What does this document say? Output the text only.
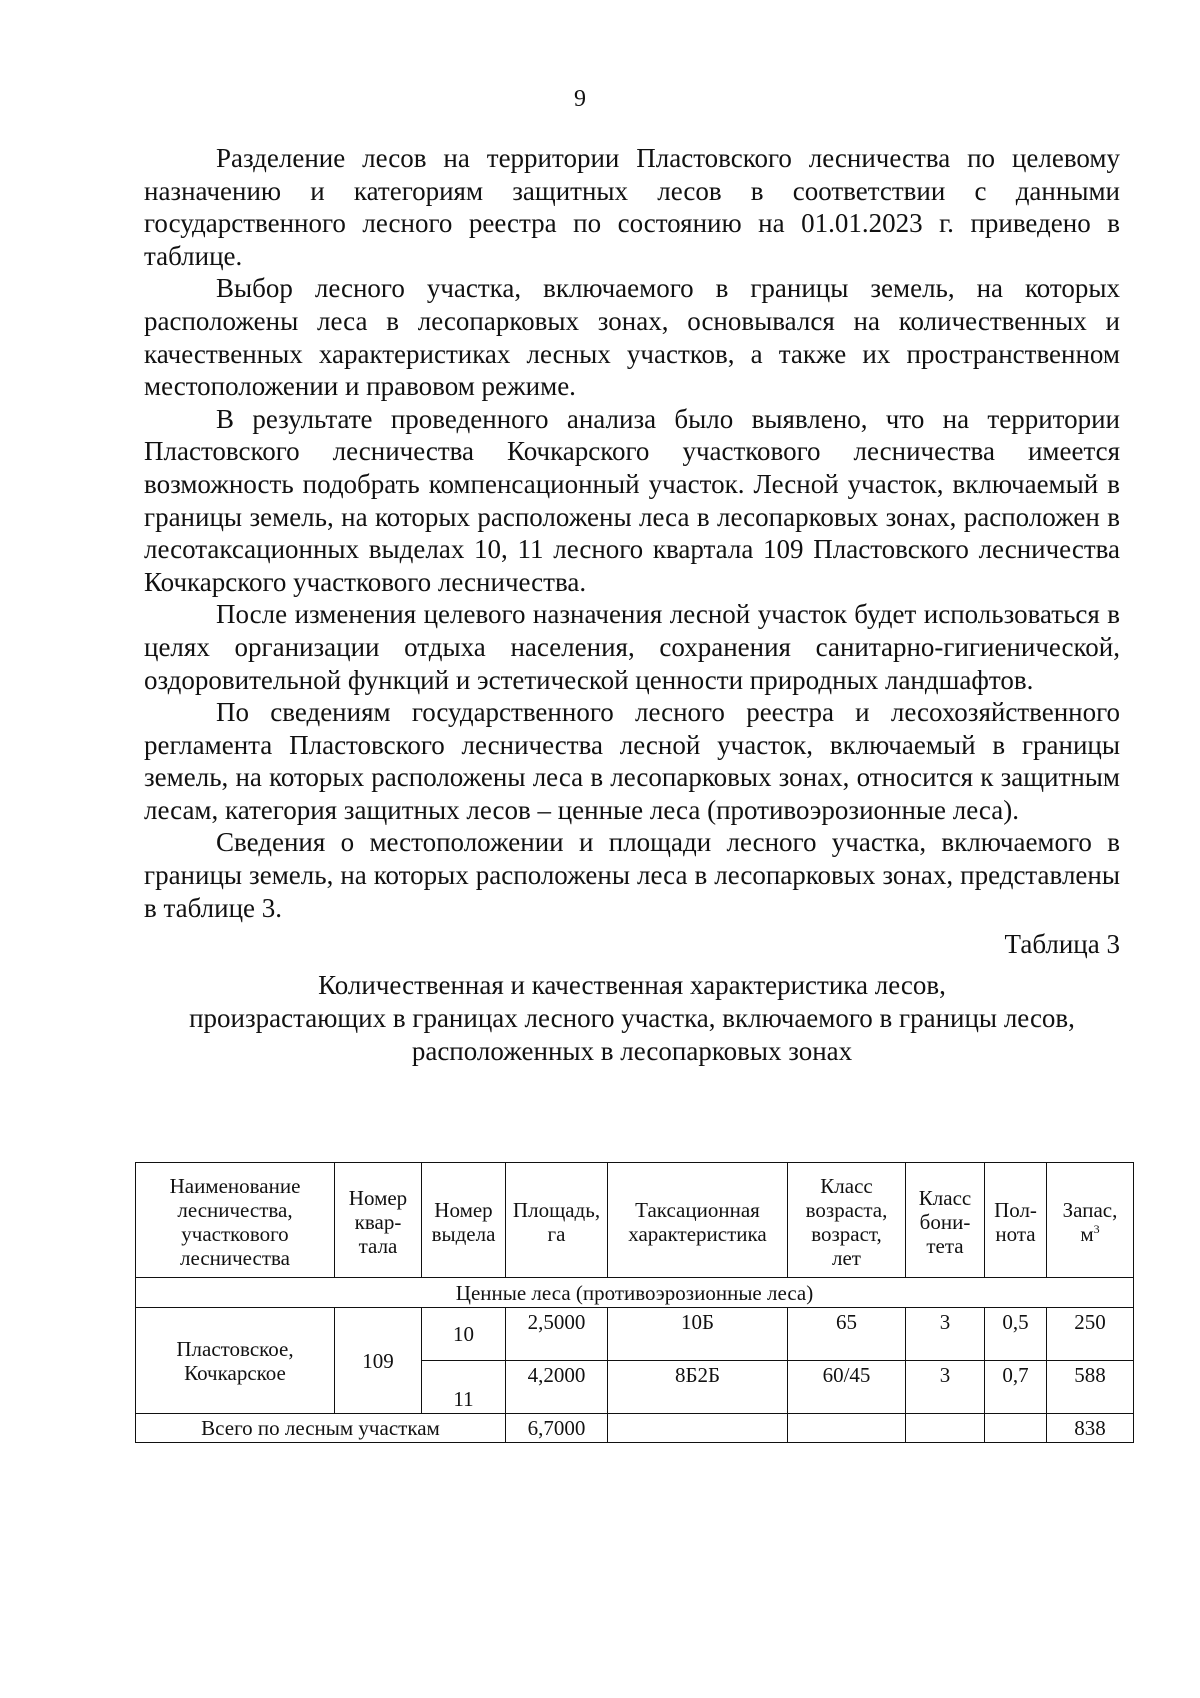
9

Разделение лесов на территории Пластовского лесничества по целевому назначению и категориям защитных лесов в соответствии с данными государственного лесного реестра по состоянию на 01.01.2023 г. приведено в таблице.

Выбор лесного участка, включаемого в границы земель, на которых расположены леса в лесопарковых зонах, основывался на количественных и качественных характеристиках лесных участков, а также их пространственном местоположении и правовом режиме.

В результате проведенного анализа было выявлено, что на территории Пластовского лесничества Кочкарского участкового лесничества имеется возможность подобрать компенсационный участок. Лесной участок, включаемый в границы земель, на которых расположены леса в лесопарковых зонах, расположен в лесотаксационных выделах 10, 11 лесного квартала 109 Пластовского лесничества Кочкарского участкового лесничества.

После изменения целевого назначения лесной участок будет использоваться в целях организации отдыха населения, сохранения санитарно-гигиенической, оздоровительной функций и эстетической ценности природных ландшафтов.

По сведениям государственного лесного реестра и лесохозяйственного регламента Пластовского лесничества лесной участок, включаемый в границы земель, на которых расположены леса в лесопарковых зонах, относится к защитным лесам, категория защитных лесов – ценные леса (противоэрозионные леса).

Сведения о местоположении и площади лесного участка, включаемого в границы земель, на которых расположены леса в лесопарковых зонах, представлены в таблице 3.

Таблица 3
Количественная и качественная характеристика лесов,
произрастающих в границах лесного участка, включаемого в границы лесов,
расположенных в лесопарковых зонах
Наименование
лесничества,
участкового
лесничества	Номер
квар-
тала	Номер
выдела	Площадь,
га	Таксационная
характеристика	Класс
возраста,
возраст,
лет	Класс
бони-
тета	Пол-
нота	Запас,
$м^3$
Ценные леса (противоэрозионные леса)								
Пластовское,
Кочкарское	109	10	2,5000	10Б	65	3	0,5	250
		11	4,2000	8Б2Б	60/45	3	0,7	588
Всего по лесным участкам			6,7000					838
